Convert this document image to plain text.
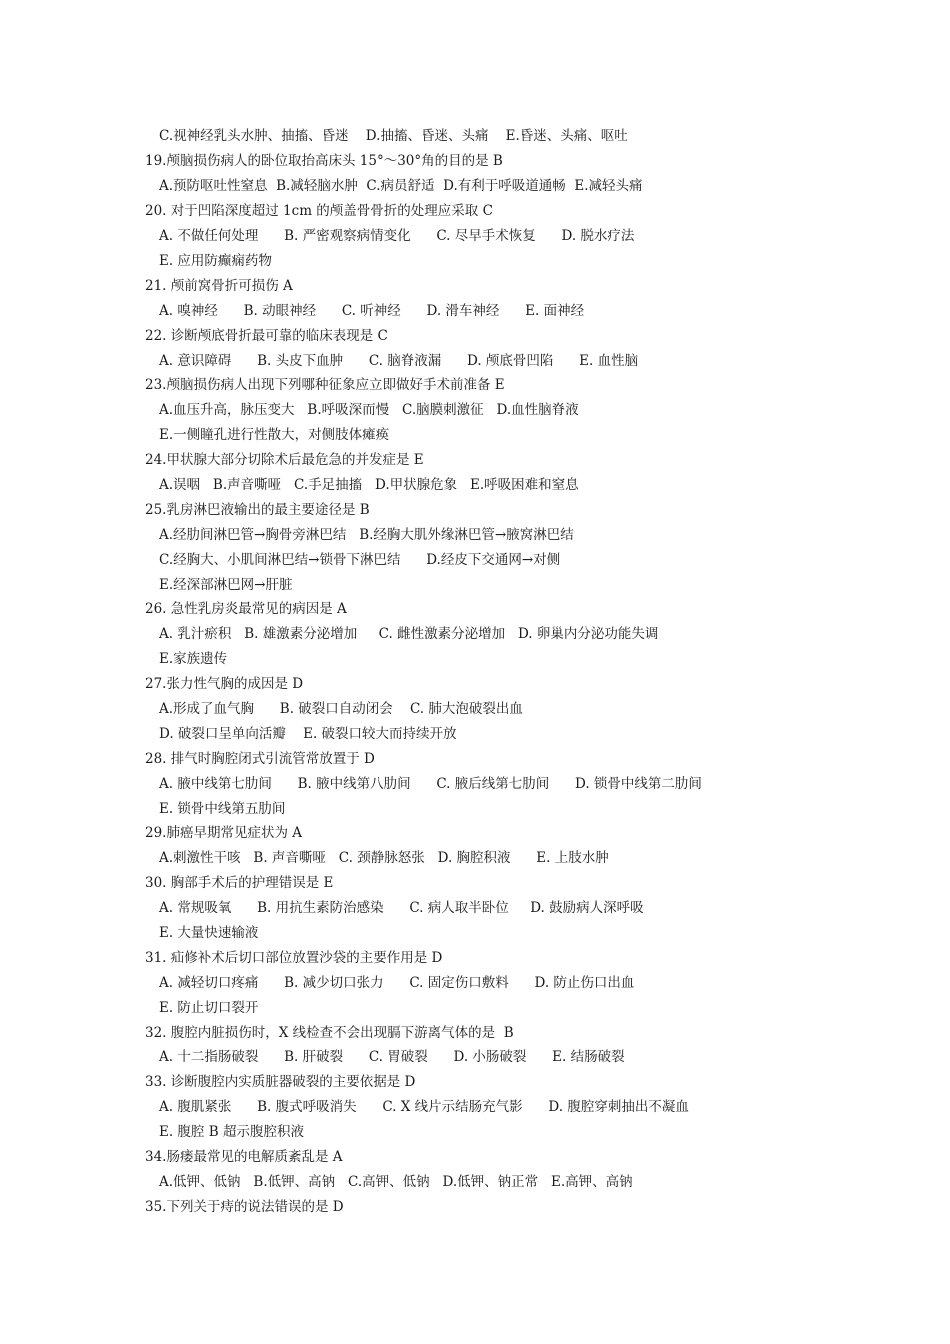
C.视神经乳头水肿、抽搐、昏迷    D.抽搐、昏迷、头痛    E.昏迷、头痛、呕吐
19.颅脑损伤病人的卧位取抬高床头 15°～30°角的目的是 B
A.预防呕吐性窒息  B.减轻脑水肿  C.病员舒适  D.有利于呼吸道通畅  E.减轻头痛
20. 对于凹陷深度超过 1cm 的颅盖骨骨折的处理应采取 C
A. 不做任何处理      B. 严密观察病情变化      C. 尽早手术恢复      D. 脱水疗法
E. 应用防癫痫药物
21. 颅前窝骨折可损伤 A
A. 嗅神经      B. 动眼神经      C. 听神经      D. 滑车神经      E. 面神经
22. 诊断颅底骨折最可靠的临床表现是 C
A. 意识障碍      B. 头皮下血肿      C. 脑脊液漏      D. 颅底骨凹陷      E. 血性脑
23.颅脑损伤病人出现下列哪种征象应立即做好手术前准备 E
A.血压升高，脉压变大   B.呼吸深而慢   C.脑膜刺激征   D.血性脑脊液
E.一侧瞳孔进行性散大，对侧肢体瘫痪
24.甲状腺大部分切除术后最危急的并发症是 E
A.误咽   B.声音嘶哑   C.手足抽搐   D.甲状腺危象   E.呼吸困难和窒息
25.乳房淋巴液输出的最主要途径是 B
A.经肋间淋巴管→胸骨旁淋巴结   B.经胸大肌外缘淋巴管→腋窝淋巴结
C.经胸大、小肌间淋巴结→锁骨下淋巴结      D.经皮下交通网→对侧
E.经深部淋巴网→肝脏
26. 急性乳房炎最常见的病因是 A
A. 乳汁瘀积   B. 雄激素分泌增加     C. 雌性激素分泌增加   D. 卵巢内分泌功能失调
E.家族遗传
27.张力性气胸的成因是 D
A.形成了血气胸      B. 破裂口自动闭会    C. 肺大泡破裂出血
D. 破裂口呈单向活瓣    E. 破裂口较大而持续开放
28. 排气时胸腔闭式引流管常放置于 D
A. 腋中线第七肋间      B. 腋中线第八肋间      C. 腋后线第七肋间      D. 锁骨中线第二肋间
E. 锁骨中线第五肋间
29.肺癌早期常见症状为 A
A.刺激性干咳   B. 声音嘶哑   C. 颈静脉怒张   D. 胸腔积液      E. 上肢水肿
30. 胸部手术后的护理错误是 E
A. 常规吸氧      B. 用抗生素防治感染      C. 病人取半卧位     D. 鼓励病人深呼吸
E. 大量快速输液
31. 疝修补术后切口部位放置沙袋的主要作用是 D
A. 减轻切口疼痛      B. 减少切口张力      C. 固定伤口敷料      D. 防止伤口出血
E. 防止切口裂开
32. 腹腔内脏损伤时，X 线检查不会出现膈下游离气体的是  B
A. 十二指肠破裂      B. 肝破裂      C. 胃破裂      D. 小肠破裂      E. 结肠破裂
33. 诊断腹腔内实质脏器破裂的主要依据是 D
A. 腹肌紧张      B. 腹式呼吸消失      C. X 线片示结肠充气影      D. 腹腔穿刺抽出不凝血
E. 腹腔 B 超示腹腔积液
34.肠瘘最常见的电解质紊乱是 A
A.低钾、低钠   B.低钾、高钠   C.高钾、低钠   D.低钾、钠正常   E.高钾、高钠
35.下列关于痔的说法错误的是 D
